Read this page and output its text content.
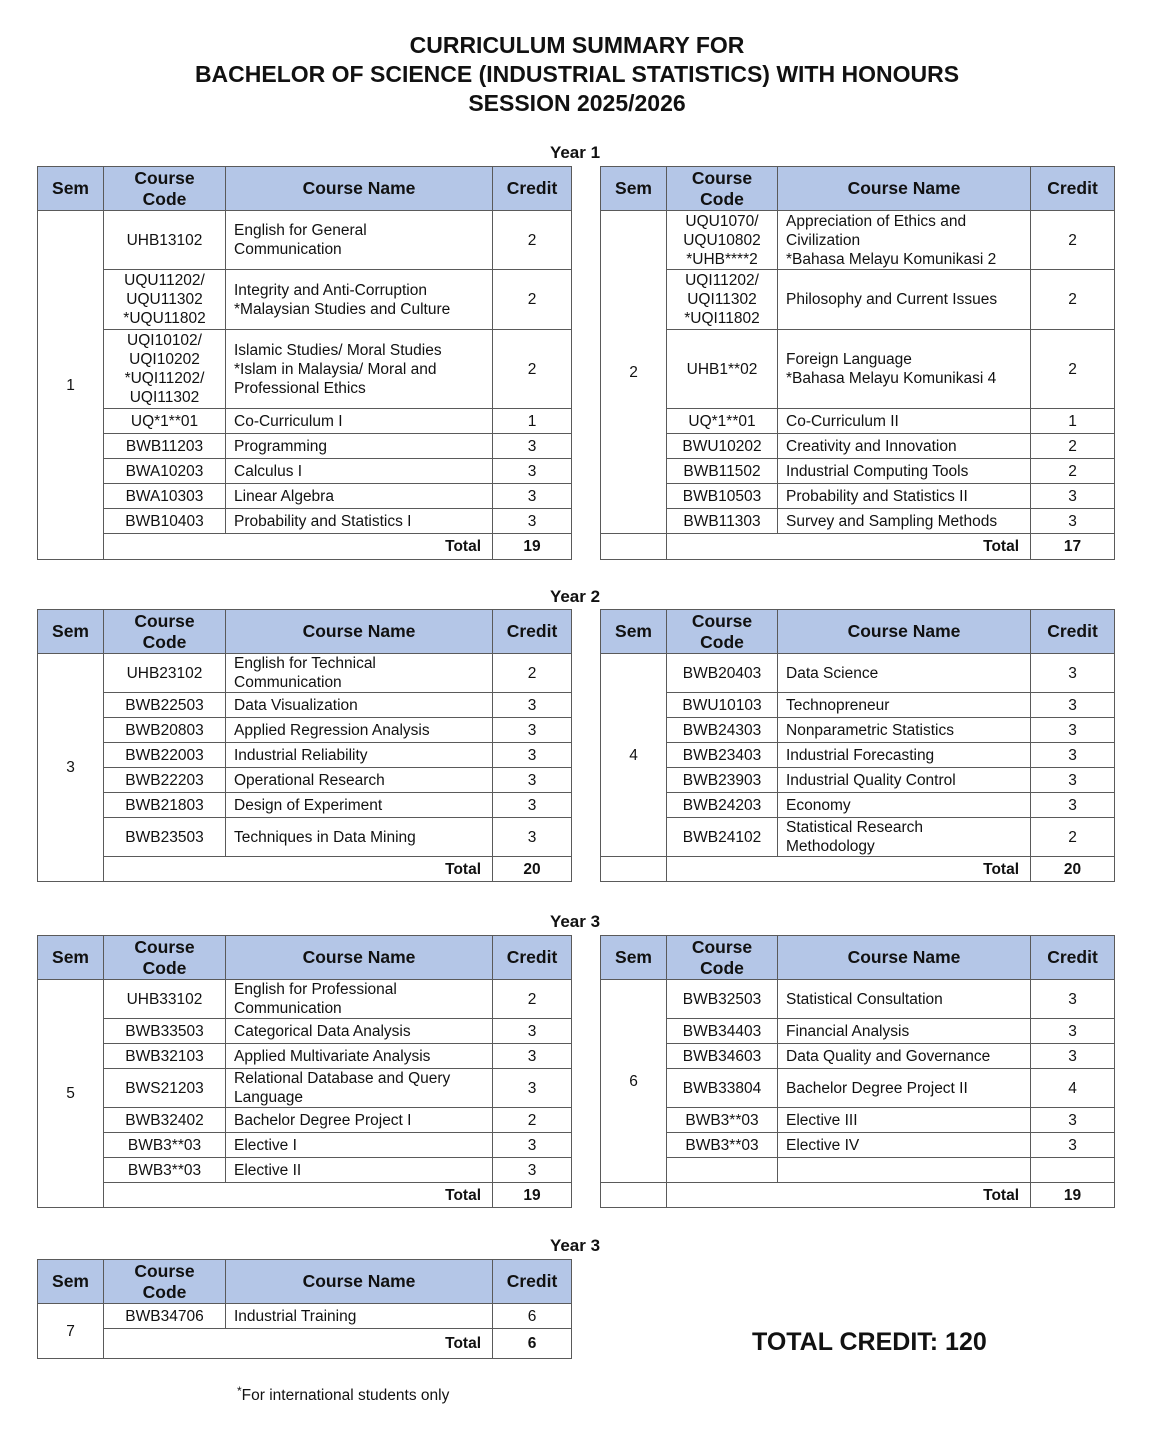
CURRICULUM SUMMARY FOR
BACHELOR OF SCIENCE (INDUSTRIAL STATISTICS) WITH HONOURS
SESSION 2025/2026
Year 1
Sem	Course
Code	Course Name	Credit
1	UHB13102	English for General
Communication	2
	UQU11202/
UQU11302
*UQU11802	Integrity and Anti-Corruption
*Malaysian Studies and Culture	2
	UQI10102/
UQI10202
*UQI11202/
UQI11302	Islamic Studies/ Moral Studies
*Islam in Malaysia/ Moral and
Professional Ethics	2
	UQ*1**01	Co-Curriculum I	1
	BWB11203	Programming	3
	BWA10203	Calculus I	3
	BWA10303	Linear Algebra	3
	BWB10403	Probability and Statistics I	3
	Total		19
Sem	Course
Code	Course Name	Credit
2	UQU1070/
UQU10802
*UHB****2	Appreciation of Ethics and
Civilization
*Bahasa Melayu Komunikasi 2	2
	UQI11202/
UQI11302
*UQI11802	Philosophy and Current Issues	2
	UHB1**02	Foreign Language
*Bahasa Melayu Komunikasi 4	2
	UQ*1**01	Co-Curriculum II	1
	BWU10202	Creativity and Innovation	2
	BWB11502	Industrial Computing Tools	2
	BWB10503	Probability and Statistics II	3
	BWB11303	Survey and Sampling Methods	3
	Total		17
Year 2
Sem	Course
Code	Course Name	Credit
3	UHB23102	English for Technical
Communication	2
	BWB22503	Data Visualization	3
	BWB20803	Applied Regression Analysis	3
	BWB22003	Industrial Reliability	3
	BWB22203	Operational Research	3
	BWB21803	Design of Experiment	3
	BWB23503	Techniques in Data Mining	3
	Total		20
Sem	Course
Code	Course Name	Credit
4	BWB20403	Data Science	3
	BWU10103	Technopreneur	3
	BWB24303	Nonparametric Statistics	3
	BWB23403	Industrial Forecasting	3
	BWB23903	Industrial Quality Control	3
	BWB24203	Economy	3
	BWB24102	Statistical Research
Methodology	2
	Total		20
Year 3
Sem	Course
Code	Course Name	Credit
5	UHB33102	English for Professional
Communication	2
	BWB33503	Categorical Data Analysis	3
	BWB32103	Applied Multivariate Analysis	3
	BWS21203	Relational Database and Query
Language	3
	BWB32402	Bachelor Degree Project I	2
	BWB3**03	Elective I	3
	BWB3**03	Elective II	3
	Total		19
Sem	Course
Code	Course Name	Credit
6	BWB32503	Statistical Consultation	3
	BWB34403	Financial Analysis	3
	BWB34603	Data Quality and Governance	3
	BWB33804	Bachelor Degree Project II	4
	BWB3**03	Elective III	3
	BWB3**03	Elective IV	3

	Total		19
Year 3
Sem	Course
Code	Course Name	Credit
7	BWB34706	Industrial Training	6
	Total		6	TOTAL CREDIT: 120
*For international students only
